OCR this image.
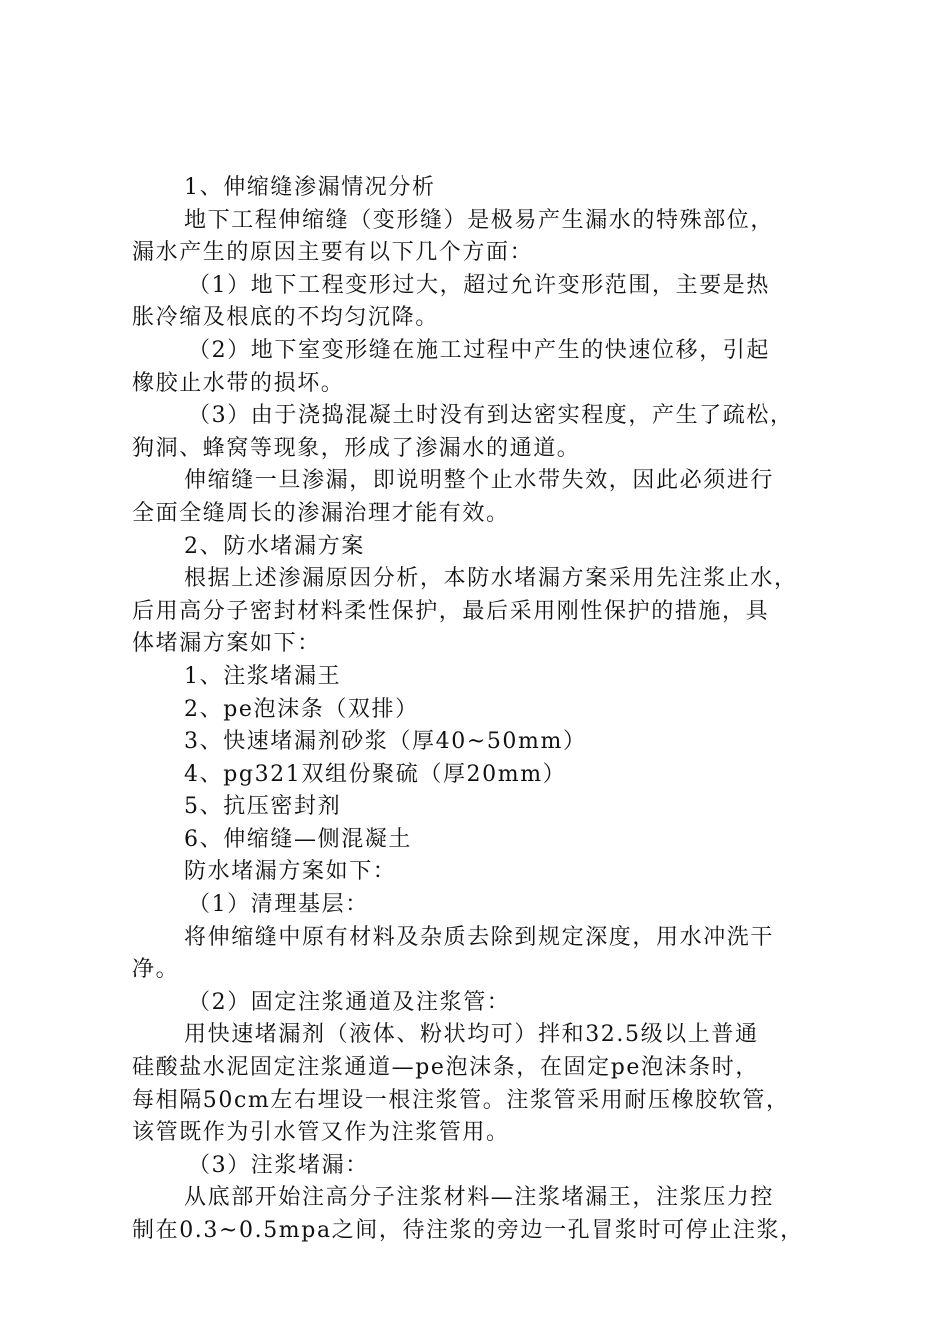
1、伸缩缝渗漏情况分析
地下工程伸缩缝（变形缝）是极易产生漏水的特殊部位，
漏水产生的原因主要有以下几个方面：
（1）地下工程变形过大，超过允许变形范围，主要是热
胀冷缩及根底的不均匀沉降。
（2）地下室变形缝在施工过程中产生的快速位移，引起
橡胶止水带的损坏。
（3）由于浇捣混凝土时没有到达密实程度，产生了疏松，
狗洞、蜂窝等现象，形成了渗漏水的通道。
伸缩缝一旦渗漏，即说明整个止水带失效，因此必须进行
全面全缝周长的渗漏治理才能有效。
2、防水堵漏方案
根据上述渗漏原因分析，本防水堵漏方案采用先注浆止水，
后用高分子密封材料柔性保护，最后采用刚性保护的措施，具
体堵漏方案如下：
1、注浆堵漏王
2、pe泡沫条（双排）
3、快速堵漏剂砂浆（厚40~50mm）
4、pg321双组份聚硫（厚20mm）
5、抗压密封剂
6、伸缩缝—侧混凝土
防水堵漏方案如下：
（1）清理基层：
将伸缩缝中原有材料及杂质去除到规定深度，用水冲洗干
净。
（2）固定注浆通道及注浆管：
用快速堵漏剂（液体、粉状均可）拌和32.5级以上普通
硅酸盐水泥固定注浆通道—pe泡沫条，在固定pe泡沫条时，
每相隔50cm左右埋设一根注浆管。注浆管采用耐压橡胶软管，
该管既作为引水管又作为注浆管用。
（3）注浆堵漏：
从底部开始注高分子注浆材料—注浆堵漏王，注浆压力控
制在0.3~0.5mpa之间，待注浆的旁边一孔冒浆时可停止注浆，
